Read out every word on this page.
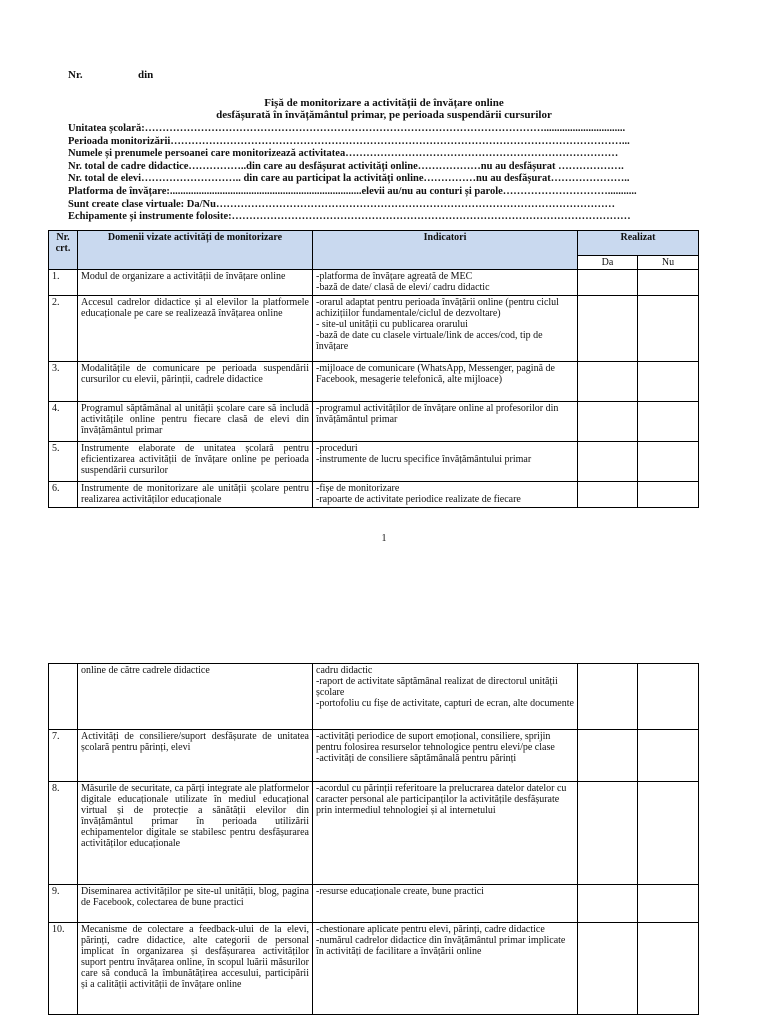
Nr.	din
Fișă de monitorizare a activității de învățare online
desfășurată în învățământul primar, pe perioada suspendării cursurilor
Unitatea școlară:……………………………………………………………………………………………………...............................
Perioada monitorizării…………………………………………………………………………………………………………………...
Numele și prenumele persoanei care monitorizează activitatea……………………………………………………………………
Nr. total de cadre didactice……………..din care au desfășurat activități online………………nu au desfășurat ……………….
Nr. total de elevi……………………….. din care au participat la activități online……………nu au desfășurat…………………..
Platforma de învățare:.........................................................................elevii au/nu au conturi și parole…………………………...........
Sunt create clase virtuale: Da/Nu……………………………………………………………………………………………………
Echipamente și instrumente folosite:……………………………………………………………………………………………………
Nr. crt.	Domenii vizate activități de monitorizare	Indicatori	Realizat	
			Da	Nu
1.	Modul de organizare a activității de învățare online	-platforma de învățare agreată de MEC
-bază de date/ clasă de elevi/ cadru didactic		
2.	Accesul cadrelor didactice și al elevilor la platformele educaționale pe care se realizează învățarea online	-orarul adaptat pentru perioada învățării online (pentru ciclul achizițiilor fundamentale/ciclul de dezvoltare)
- site-ul unității cu publicarea orarului
-bază de date cu clasele virtuale/link de acces/cod, tip de învățare		
3.	Modalitățile de comunicare pe perioada suspendării cursurilor cu elevii, părinții, cadrele didactice	-mijloace de comunicare (WhatsApp, Messenger, pagină de Facebook, mesagerie telefonică, alte mijloace)		
4.	Programul săptămânal al unității școlare care să includă activitățile online pentru fiecare clasă de elevi din învățământul primar	-programul activităților de învățare online al profesorilor din învățământul primar		
5.	Instrumente elaborate de unitatea școlară pentru eficientizarea activității de învățare online pe perioada suspendării cursurilor	-proceduri
-instrumente de lucru specifice învățământului primar		
6.	Instrumente de monitorizare ale unității școlare pentru realizarea activităților educaționale	-fișe de monitorizare
-rapoarte de activitate periodice realizate de fiecare		
1
	online de către cadrele didactice	cadru didactic
-raport de activitate săptămânal realizat de directorul unității școlare
-portofoliu cu fișe de activitate, capturi de ecran, alte documente		
7.	Activități de consiliere/suport desfășurate de unitatea școlară pentru părinți, elevi	-activități periodice de suport emoțional, consiliere, sprijin pentru folosirea resurselor tehnologice pentru elevi/pe clase
-activități de consiliere săptămânală pentru părinți		
8.	Măsurile de securitate, ca părți integrate ale platformelor digitale educaționale utilizate în mediul educațional virtual și de protecție a sănătății elevilor din învățământul primar în perioada utilizării echipamentelor digitale se stabilesc pentru desfășurarea activităților educaționale	-acordul cu părinții referitoare la prelucrarea datelor datelor cu caracter personal ale participanților la activitățile desfășurate prin intermediul tehnologiei și al internetului		
9.	Diseminarea activităților pe site-ul unității, blog, pagina de Facebook, colectarea de bune practici	-resurse educaționale create, bune practici		
10.	Mecanisme de colectare a feedback-ului de la elevi, părinți, cadre didactice, alte categorii de personal implicat în organizarea și desfășurarea activităților suport pentru învățarea online, în scopul luării măsurilor care să conducă la îmbunătățirea accesului, participării și a calității activității de învățare online	-chestionare aplicate pentru elevi, părinți, cadre didactice
-numărul cadrelor didactice din învățământul primar implicate în activități de facilitare a învățării online		
